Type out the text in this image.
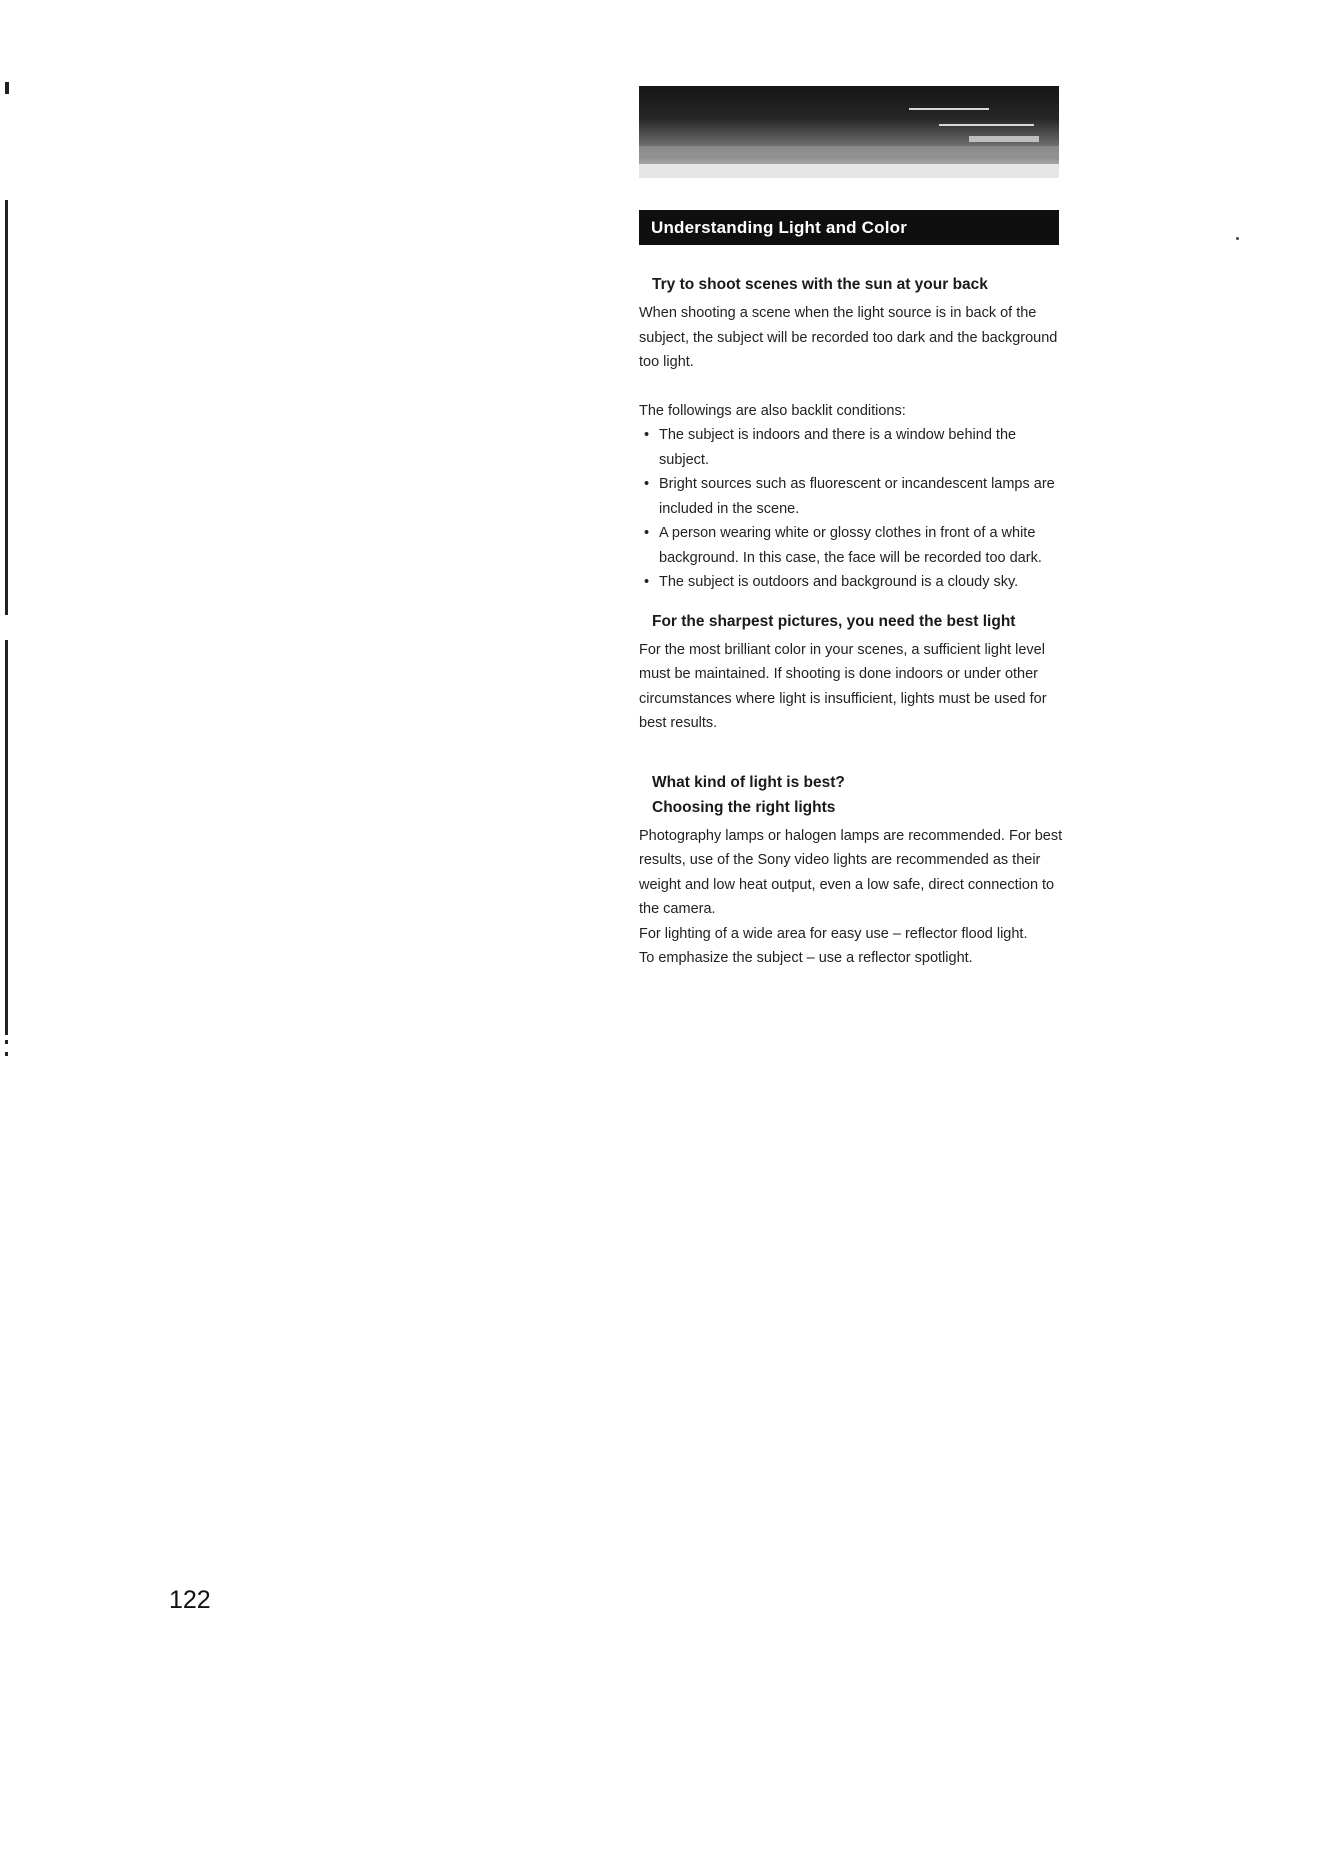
Understanding Light and Color
Try to shoot scenes with the sun at your back

When shooting a scene when the light source is in back of the subject, the subject will be recorded too dark and the background too light.

The followings are also backlit conditions:

• The subject is indoors and there is a window behind the subject.
• Bright sources such as fluorescent or incandescent lamps are included in the scene.
• A person wearing white or glossy clothes in front of a white background. In this case, the face will be recorded too dark.
• The subject is outdoors and background is a cloudy sky.
For the sharpest pictures, you need the best light

For the most brilliant color in your scenes, a sufficient light level must be maintained. If shooting is done indoors or under other circumstances where light is insufficient, lights must be used for best results.

What kind of light is best?
Choosing the right lights

Photography lamps or halogen lamps are recommended. For best results, use of the Sony video lights are recommended as their weight and low heat output, even a low safe, direct connection to the camera.

For lighting of a wide area for easy use – reflector flood light.
To emphasize the subject – use a reflector spotlight.
122
